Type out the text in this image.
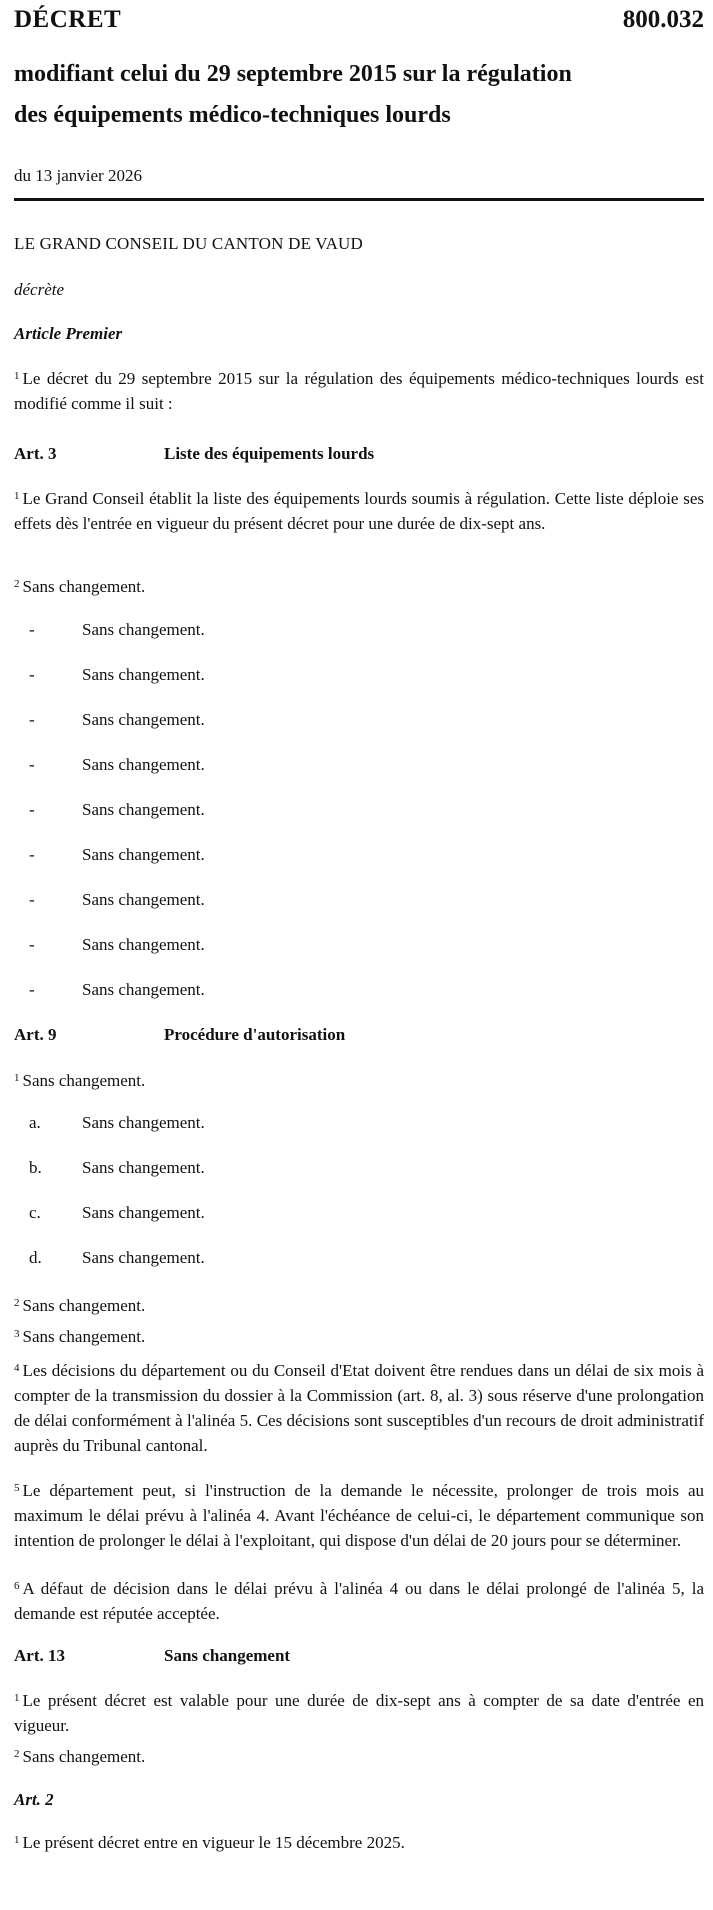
DÉCRET	800.032
modifiant celui du 29 septembre 2015 sur la régulation
des équipements médico-techniques lourds
du 13 janvier 2026
LE GRAND CONSEIL DU CANTON DE VAUD
décrète
Article Premier
$^1$ Le décret du 29 septembre 2015 sur la régulation des équipements médico-techniques lourds est modifié comme il suit :
Art. 3	Liste des équipements lourds
$^1$ Le Grand Conseil établit la liste des équipements lourds soumis à régulation. Cette liste déploie ses effets dès l'entrée en vigueur du présent décret pour une durée de dix-sept ans.
$^2$ Sans changement.
-	Sans changement.
-	Sans changement.
-	Sans changement.
-	Sans changement.
-	Sans changement.
-	Sans changement.
-	Sans changement.
-	Sans changement.
-	Sans changement.
Art. 9	Procédure d'autorisation
$^1$ Sans changement.
a.	Sans changement.
b.	Sans changement.
c.	Sans changement.
d.	Sans changement.
$^2$ Sans changement.
$^3$ Sans changement.
$^4$ Les décisions du département ou du Conseil d'Etat doivent être rendues dans un délai de six mois à compter de la transmission du dossier à la Commission (art. 8, al. 3) sous réserve d'une prolongation de délai conformément à l'alinéa 5. Ces décisions sont susceptibles d'un recours de droit administratif auprès du Tribunal cantonal.
$^5$ Le département peut, si l'instruction de la demande le nécessite, prolonger de trois mois au maximum le délai prévu à l'alinéa 4. Avant l'échéance de celui-ci, le département communique son intention de prolonger le délai à l'exploitant, qui dispose d'un délai de 20 jours pour se déterminer.
$^6$ A défaut de décision dans le délai prévu à l'alinéa 4 ou dans le délai prolongé de l'alinéa 5, la demande est réputée acceptée.
Art. 13	Sans changement
$^1$ Le présent décret est valable pour une durée de dix-sept ans à compter de sa date d'entrée en vigueur.
$^2$ Sans changement.
Art. 2
$^1$ Le présent décret entre en vigueur le 15 décembre 2025.
